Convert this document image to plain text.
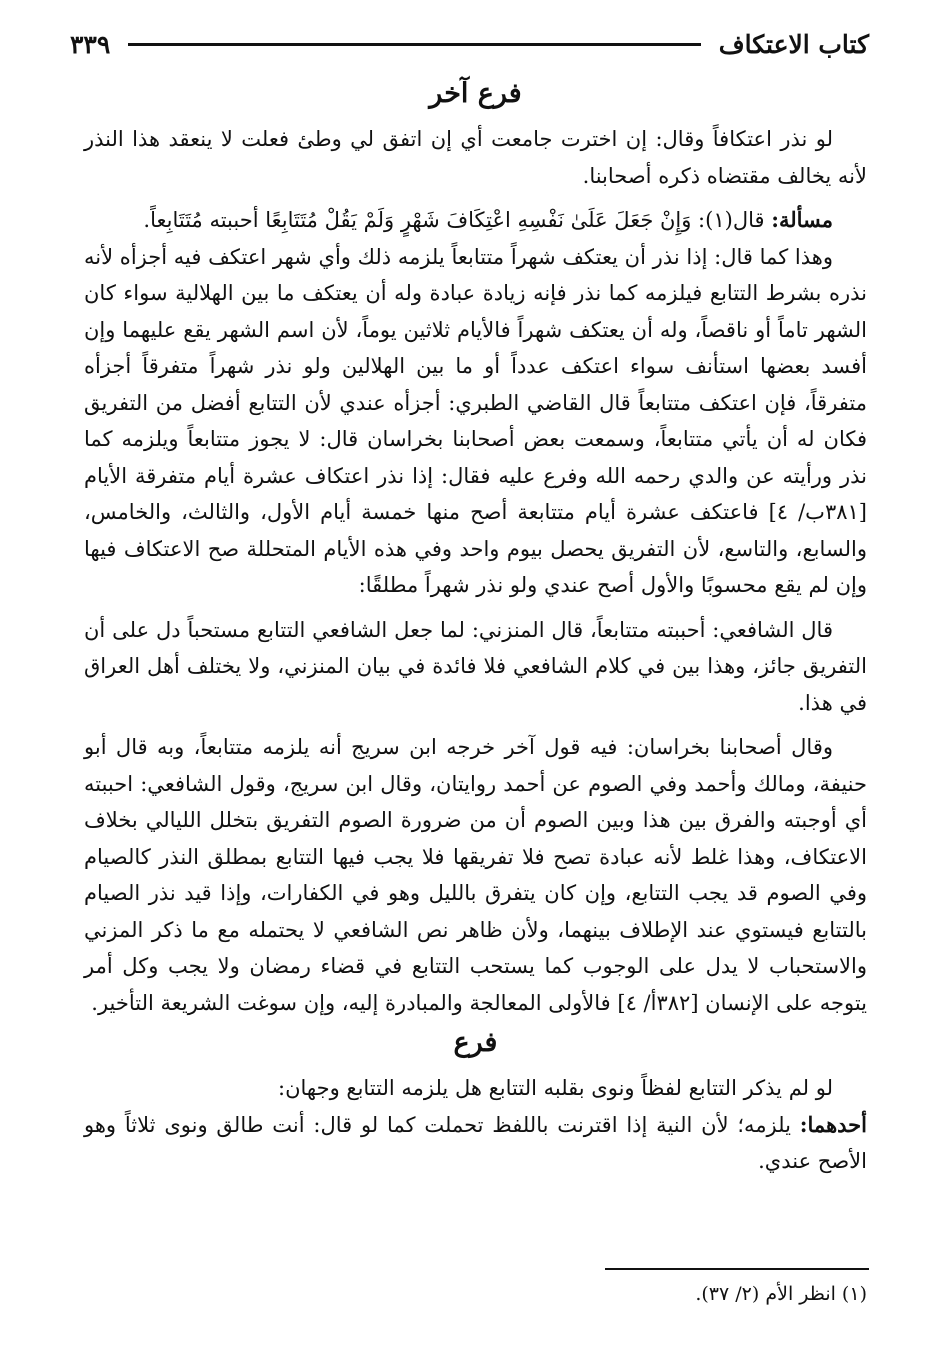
كتاب الاعتكاف
٣٣٩
فرع آخر

لو نذر اعتكافاً وقال: إن اخترت جامعت أي إن اتفق لي وطئ فعلت لا ينعقد هذا النذر لأنه يخالف مقتضاه ذكره أصحابنا.

مسألة: قال(١): وَإِنْ جَعَلَ عَلَىٰ نَفْسِهِ اعْتِكَافَ شَهْرٍ وَلَمْ يَقُلْ مُتَتَابِعًا أحببته مُتَتَابِعاً.

وهذا كما قال: إذا نذر أن يعتكف شهراً متتابعاً يلزمه ذلك وأي شهر اعتكف فيه أجزأه لأنه نذره بشرط التتابع فيلزمه كما نذر فإنه زيادة عبادة وله أن يعتكف ما بين الهلالية سواء كان الشهر تاماً أو ناقصاً، وله أن يعتكف شهراً فالأيام ثلاثين يوماً، لأن اسم الشهر يقع عليهما وإن أفسد بعضها استأنف سواء اعتكف عدداً أو ما بين الهلالين ولو نذر شهراً متفرقاً أجزأه متفرقاً، فإن اعتكف متتابعاً قال القاضي الطبري: أجزأه عندي لأن التتابع أفضل من التفريق فكان له أن يأتي متتابعاً، وسمعت بعض أصحابنا بخراسان قال: لا يجوز متتابعاً ويلزمه كما نذر ورأيته عن والدي رحمه الله وفرع عليه فقال: إذا نذر اعتكاف عشرة أيام متفرقة الأيام [٣٨١ب/ ٤] فاعتكف عشرة أيام متتابعة أصح منها خمسة أيام الأول، والثالث، والخامس، والسابع، والتاسع، لأن التفريق يحصل بيوم واحد وفي هذه الأيام المتحللة صح الاعتكاف فيها وإن لم يقع محسوبًا والأول أصح عندي ولو نذر شهراً مطلقًا:

قال الشافعي: أحببته متتابعاً، قال المنزني: لما جعل الشافعي التتابع مستحباً دل على أن التفريق جائز، وهذا بين في كلام الشافعي فلا فائدة في بيان المنزني، ولا يختلف أهل العراق في هذا.

وقال أصحابنا بخراسان: فيه قول آخر خرجه ابن سريج أنه يلزمه متتابعاً، وبه قال أبو حنيفة، ومالك وأحمد وفي الصوم عن أحمد روايتان، وقال ابن سريج، وقول الشافعي: احببته أي أوجبته والفرق بين هذا وبين الصوم أن من ضرورة الصوم التفريق بتخلل الليالي بخلاف الاعتكاف، وهذا غلط لأنه عبادة تصح فلا تفريقها فلا يجب فيها التتابع بمطلق النذر كالصيام وفي الصوم قد يجب التتابع، وإن كان يتفرق بالليل وهو في الكفارات، وإذا قيد نذر الصيام بالتتابع فيستوي عند الإطلاف بينهما، ولأن ظاهر نص الشافعي لا يحتمله مع ما ذكر المزني والاستحباب لا يدل على الوجوب كما يستحب التتابع في قضاء رمضان ولا يجب وكل أمر يتوجه على الإنسان [٣٨٢أ/ ٤] فالأولى المعالجة والمبادرة إليه، وإن سوغت الشريعة التأخير.

فرع

لو لم يذكر التتابع لفظاً ونوى بقلبه التتابع هل يلزمه التتابع وجهان:

أحدهما: يلزمه؛ لأن النية إذا اقترنت باللفظ تحملت كما لو قال: أنت طالق ونوى ثلاثاً وهو الأصح عندي.

(١) انظر الأم (٢/ ٣٧).
